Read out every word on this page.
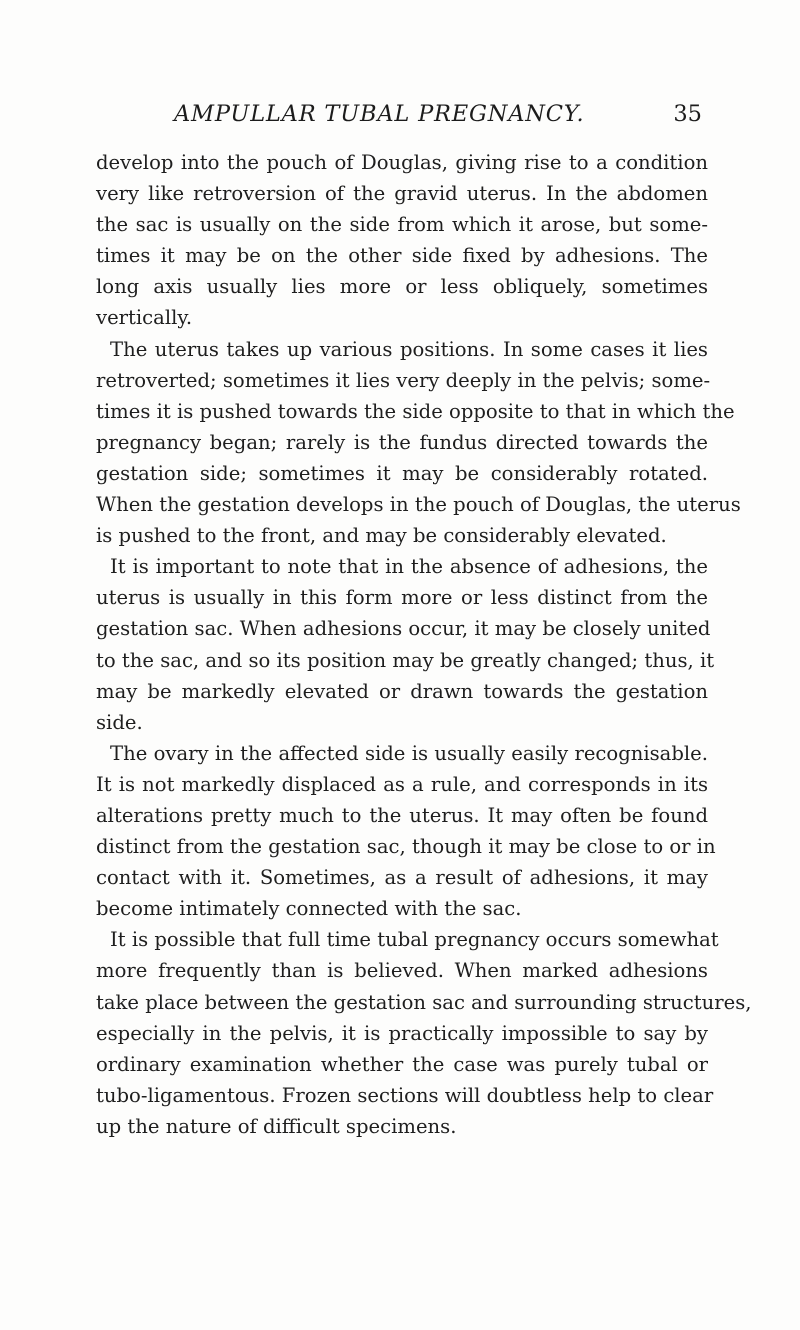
AMPULLAR TUBAL PREGNANCY.	35
develop into the pouch of Douglas, giving rise to a condition
very like retroversion of the gravid uterus. In the abdomen
the sac is usually on the side from which it arose, but some-
times it may be on the other side fixed by adhesions. The
long axis usually lies more or less obliquely, sometimes
vertically.
The uterus takes up various positions. In some cases it lies
retroverted; sometimes it lies very deeply in the pelvis; some-
times it is pushed towards the side opposite to that in which the
pregnancy began; rarely is the fundus directed towards the
gestation side; sometimes it may be considerably rotated.
When the gestation develops in the pouch of Douglas, the uterus
is pushed to the front, and may be considerably elevated.
It is important to note that in the absence of adhesions, the
uterus is usually in this form more or less distinct from the
gestation sac. When adhesions occur, it may be closely united
to the sac, and so its position may be greatly changed; thus, it
may be markedly elevated or drawn towards the gestation
side.
The ovary in the affected side is usually easily recognisable.
It is not markedly displaced as a rule, and corresponds in its
alterations pretty much to the uterus. It may often be found
distinct from the gestation sac, though it may be close to or in
contact with it. Sometimes, as a result of adhesions, it may
become intimately connected with the sac.
It is possible that full time tubal pregnancy occurs somewhat
more frequently than is believed. When marked adhesions
take place between the gestation sac and surrounding structures,
especially in the pelvis, it is practically impossible to say by
ordinary examination whether the case was purely tubal or
tubo-ligamentous. Frozen sections will doubtless help to clear
up the nature of difficult specimens.
